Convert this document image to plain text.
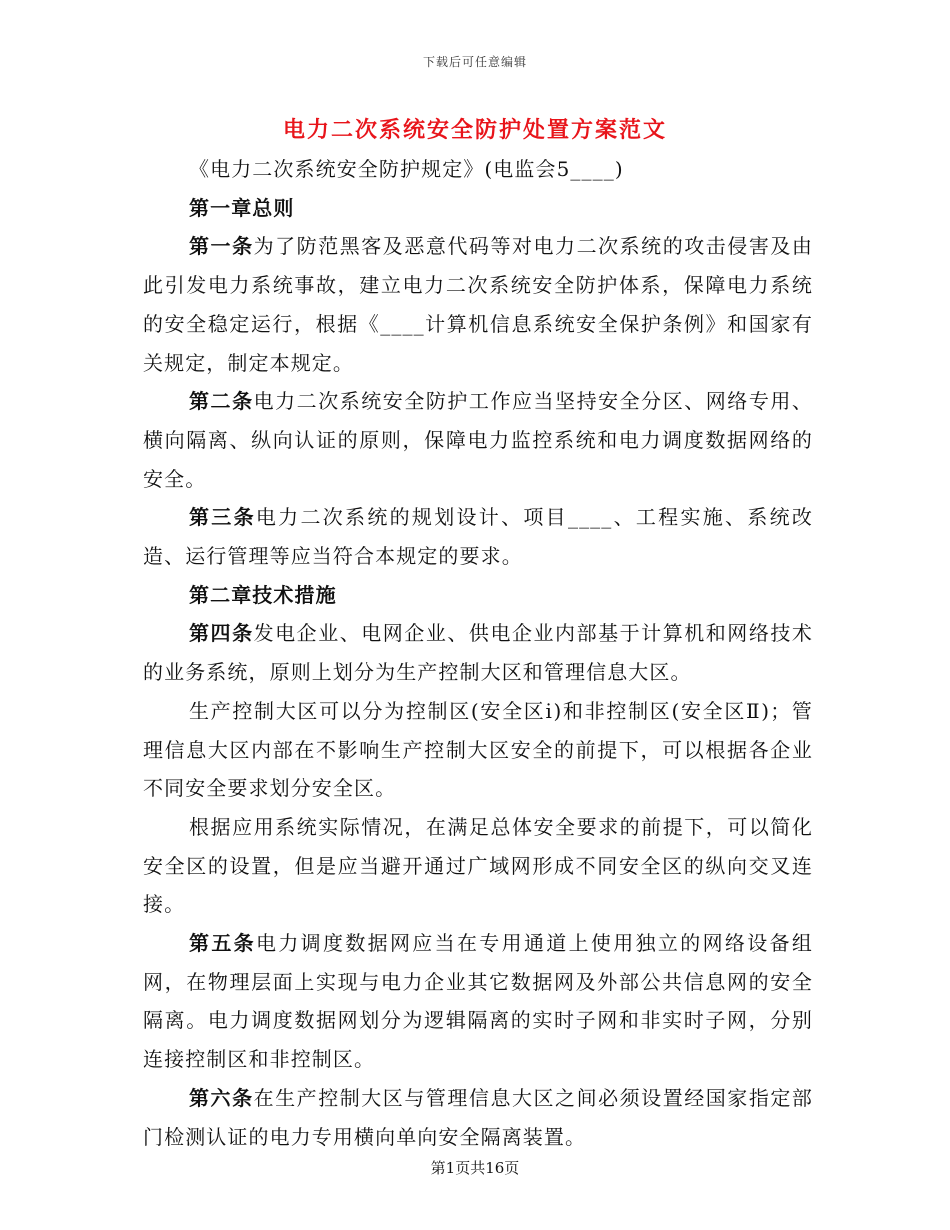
下载后可任意编辑
电力二次系统安全防护处置方案范文

《电力二次系统安全防护规定》(电监会5____)

第一章总则

第一条为了防范黑客及恶意代码等对电力二次系统的攻击侵害及由此引发电力系统事故，建立电力二次系统安全防护体系，保障电力系统的安全稳定运行，根据《____计算机信息系统安全保护条例》和国家有关规定，制定本规定。

第二条电力二次系统安全防护工作应当坚持安全分区、网络专用、横向隔离、纵向认证的原则，保障电力监控系统和电力调度数据网络的安全。

第三条电力二次系统的规划设计、项目____、工程实施、系统改造、运行管理等应当符合本规定的要求。

第二章技术措施

第四条发电企业、电网企业、供电企业内部基于计算机和网络技术的业务系统，原则上划分为生产控制大区和管理信息大区。

生产控制大区可以分为控制区(安全区ⅰ)和非控制区(安全区Ⅱ)；管理信息大区内部在不影响生产控制大区安全的前提下，可以根据各企业不同安全要求划分安全区。

根据应用系统实际情况，在满足总体安全要求的前提下，可以简化安全区的设置，但是应当避开通过广域网形成不同安全区的纵向交叉连接。

第五条电力调度数据网应当在专用通道上使用独立的网络设备组网，在物理层面上实现与电力企业其它数据网及外部公共信息网的安全隔离。电力调度数据网划分为逻辑隔离的实时子网和非实时子网，分别连接控制区和非控制区。

第六条在生产控制大区与管理信息大区之间必须设置经国家指定部门检测认证的电力专用横向单向安全隔离装置。

第1页共16页
